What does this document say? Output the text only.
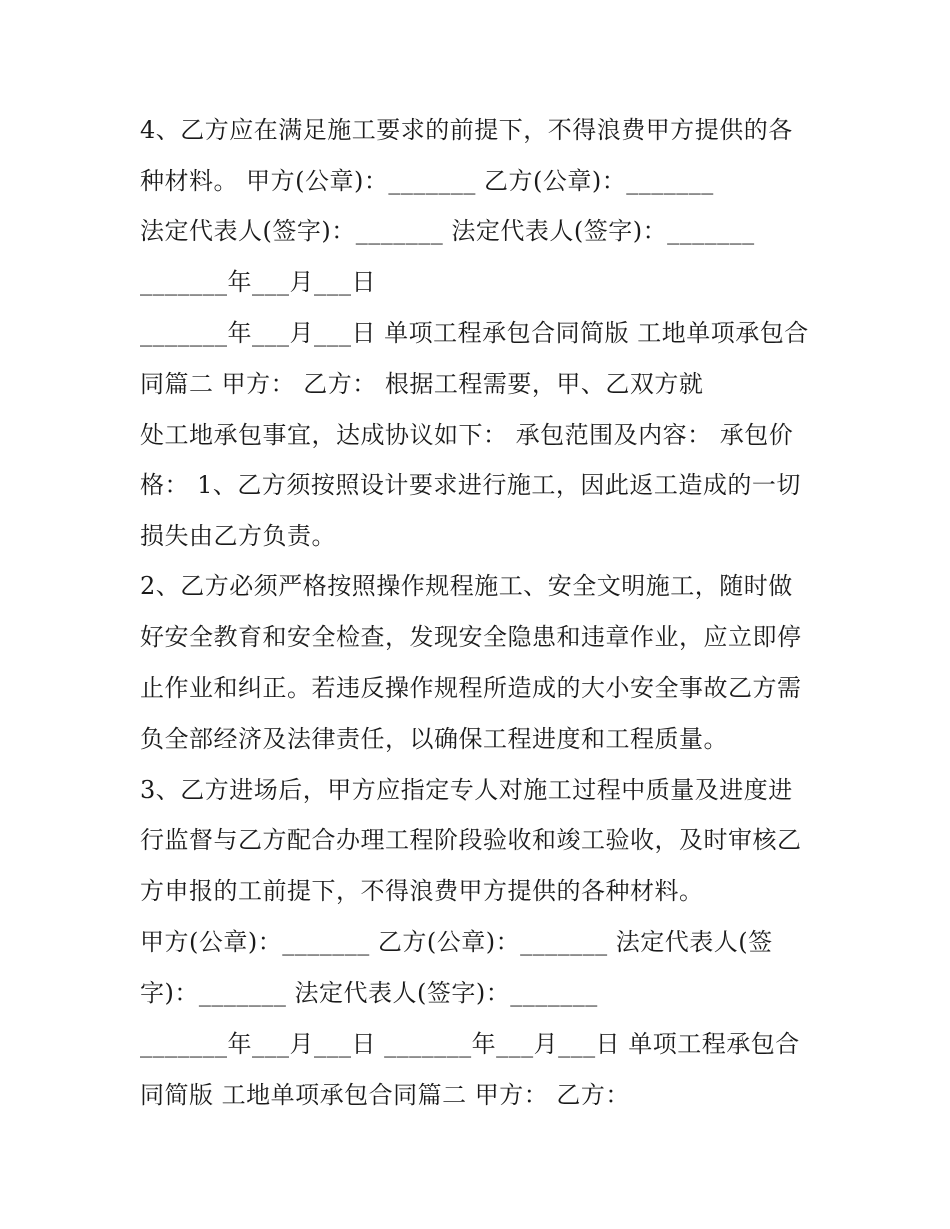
4、乙方应在满足施工要求的前提下，不得浪费甲方提供的各
种材料。 甲方(公章)：_______ 乙方(公章)：_______
法定代表人(签字)：_______ 法定代表人(签字)：_______
_______年___月___日
_______年___月___日 单项工程承包合同简版 工地单项承包合
同篇二 甲方： 乙方： 根据工程需要，甲、乙双方就
处工地承包事宜，达成协议如下： 承包范围及内容： 承包价
格： 1、乙方须按照设计要求进行施工，因此返工造成的一切
损失由乙方负责。
2、乙方必须严格按照操作规程施工、安全文明施工，随时做
好安全教育和安全检查，发现安全隐患和违章作业，应立即停
止作业和纠正。若违反操作规程所造成的大小安全事故乙方需
负全部经济及法律责任，以确保工程进度和工程质量。
3、乙方进场后，甲方应指定专人对施工过程中质量及进度进
行监督与乙方配合办理工程阶段验收和竣工验收，及时审核乙
方申报的工前提下，不得浪费甲方提供的各种材料。
甲方(公章)：_______ 乙方(公章)：_______ 法定代表人(签
字)：_______ 法定代表人(签字)：_______
_______年___月___日 _______年___月___日 单项工程承包合
同简版 工地单项承包合同篇二 甲方： 乙方：
